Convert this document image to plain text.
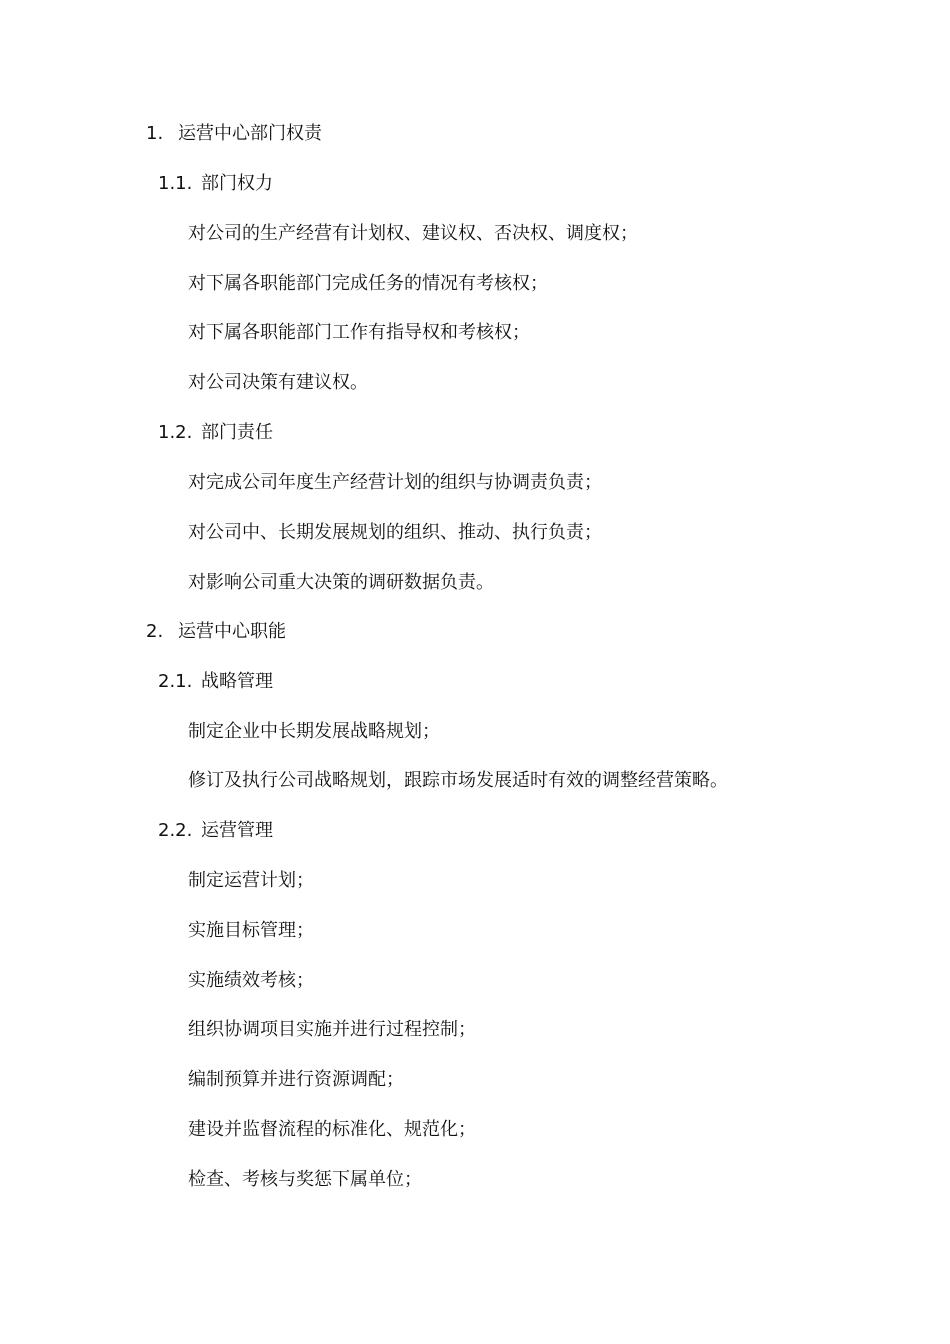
1. 运营中心部门权责
1.1. 部门权力
对公司的生产经营有计划权、建议权、否决权、调度权；
对下属各职能部门完成任务的情况有考核权；
对下属各职能部门工作有指导权和考核权；
对公司决策有建议权。
1.2. 部门责任
对完成公司年度生产经营计划的组织与协调责负责；
对公司中、长期发展规划的组织、推动、执行负责；
对影响公司重大决策的调研数据负责。
2. 运营中心职能
2.1. 战略管理
制定企业中长期发展战略规划；
修订及执行公司战略规划，跟踪市场发展适时有效的调整经营策略。
2.2. 运营管理
制定运营计划；
实施目标管理；
实施绩效考核；
组织协调项目实施并进行过程控制；
编制预算并进行资源调配；
建设并监督流程的标准化、规范化；
检查、考核与奖惩下属单位；
